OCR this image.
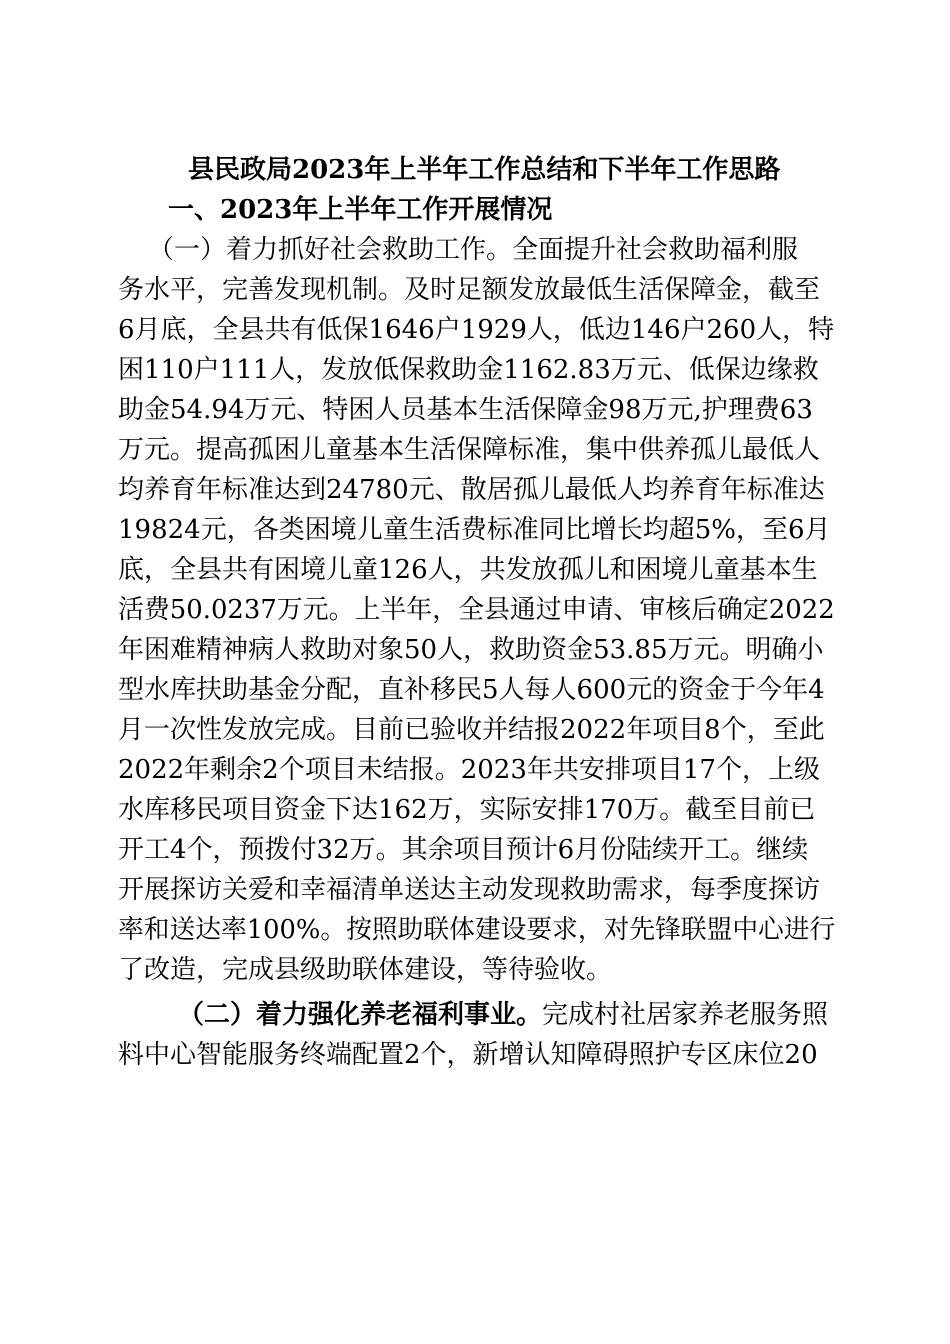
县民政局2023年上半年工作总结和下半年工作思路
一、2023年上半年工作开展情况
（一）着力抓好社会救助工作。全面提升社会救助福利服
务水平，完善发现机制。及时足额发放最低生活保障金，截至
6月底，全县共有低保1646户1929人，低边146户260人，特
困110户111人，发放低保救助金1162.83万元、低保边缘救
助金54.94万元、特困人员基本生活保障金98万元,护理费63
万元。提高孤困儿童基本生活保障标准，集中供养孤儿最低人
均养育年标准达到24780元、散居孤儿最低人均养育年标准达
19824元，各类困境儿童生活费标准同比增长均超5%，至6月
底，全县共有困境儿童126人，共发放孤儿和困境儿童基本生
活费50.0237万元。上半年，全县通过申请、审核后确定2022
年困难精神病人救助对象50人，救助资金53.85万元。明确小
型水库扶助基金分配，直补移民5人每人600元的资金于今年4
月一次性发放完成。目前已验收并结报2022年项目8个，至此
2022年剩余2个项目未结报。2023年共安排项目17个，上级
水库移民项目资金下达162万，实际安排170万。截至目前已
开工4个，预拨付32万。其余项目预计6月份陆续开工。继续
开展探访关爱和幸福清单送达主动发现救助需求，每季度探访
率和送达率100%。按照助联体建设要求，对先锋联盟中心进行
了改造，完成县级助联体建设，等待验收。
（二）着力强化养老福利事业。完成村社居家养老服务照
料中心智能服务终端配置2个，新增认知障碍照护专区床位20
